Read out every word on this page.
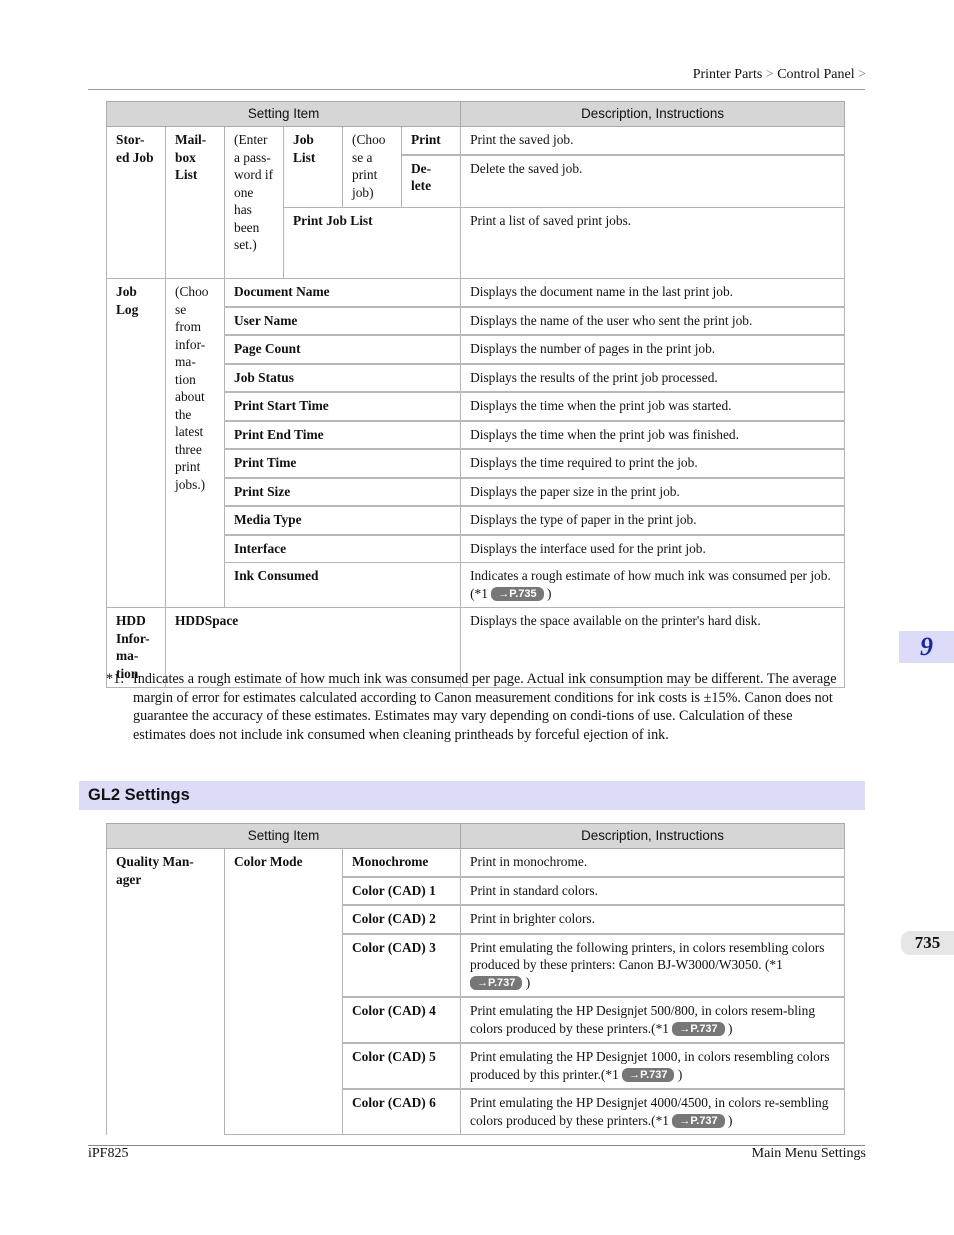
Printer Parts > Control Panel >
Setting Item						Description, Instructions
Stor-ed Job	Mail-box List	(Enter a pass-word if one has been set.)	Job List	(Choo se a print job)	Print	Print the saved job.
					De-lete	Delete the saved job.
			Print Job List			Print a list of saved print jobs.
Job Log	(Choo se from infor-ma-tion about the latest three print jobs.)	Document Name				Displays the document name in the last print job.
		User Name				Displays the name of the user who sent the print job.
		Page Count				Displays the number of pages in the print job.
		Job Status				Displays the results of the print job processed.
		Print Start Time				Displays the time when the print job was started.
		Print End Time				Displays the time when the print job was finished.
		Print Time				Displays the time required to print the job.
		Print Size				Displays the paper size in the print job.
		Media Type				Displays the type of paper in the print job.
		Interface				Displays the interface used for the print job.
		Ink Consumed				Indicates a rough estimate of how much ink was consumed per job.(*1 →P.735 )
HDD Infor-ma-tion	HDDSpace					Displays the space available on the printer's hard disk.
*1: Indicates a rough estimate of how much ink was consumed per page. Actual ink consumption may be different. The average margin of error for estimates calculated according to Canon measurement conditions for ink costs is ±15%. Canon does not guarantee the accuracy of these estimates. Estimates may vary depending on condi-tions of use. Calculation of these estimates does not include ink consumed when cleaning printheads by forceful ejection of ink.
GL2 Settings
Setting Item			Description, Instructions
Quality Man-ager	Color Mode	Monochrome	Print in monochrome.
		Color (CAD) 1	Print in standard colors.
		Color (CAD) 2	Print in brighter colors.
		Color (CAD) 3	Print emulating the following printers, in colors resembling colors produced by these printers: Canon BJ-W3000/W3050. (*1 →P.737 )
		Color (CAD) 4	Print emulating the HP Designjet 500/800, in colors resem-bling colors produced by these printers.(*1 →P.737 )
		Color (CAD) 5	Print emulating the HP Designjet 1000, in colors resembling colors produced by this printer.(*1 →P.737 )
		Color (CAD) 6	Print emulating the HP Designjet 4000/4500, in colors re-sembling colors produced by these printers.(*1 →P.737 )
9
735
iPF825	Main Menu Settings
